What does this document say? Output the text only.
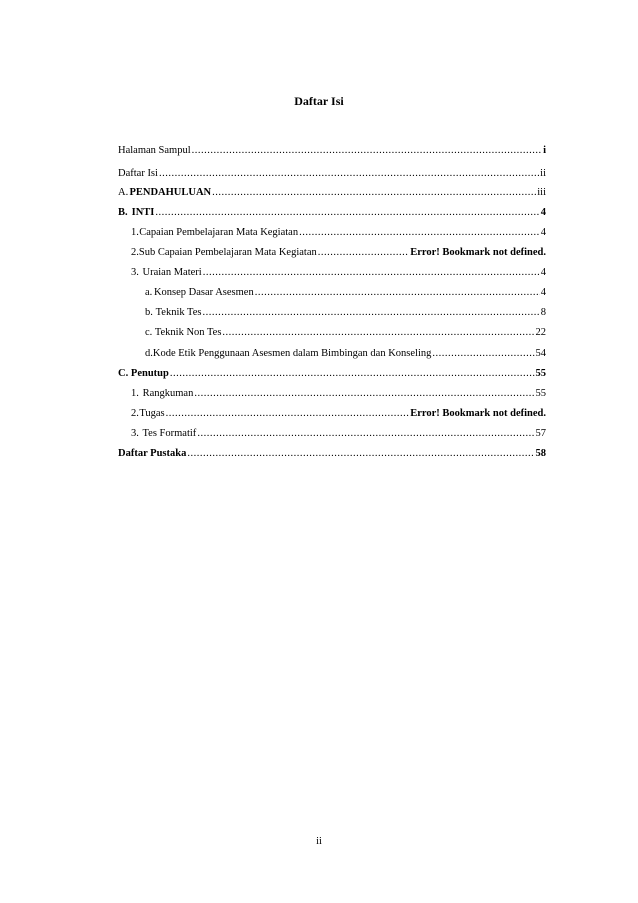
Daftar Isi
Halaman Sampul .....	i
Daftar Isi .....	ii
A. PENDAHULUAN .....	iii
B. INTI .....	4
1. Capaian Pembelajaran Mata Kegiatan .....	4
2. Sub Capaian Pembelajaran Mata Kegiatan .....	Error! Bookmark not defined.
3. Uraian Materi .....	4
a. Konsep Dasar Asesmen .....	4
b. Teknik Tes .....	8
c. Teknik Non Tes .....	22
d. Kode Etik Penggunaan Asesmen dalam Bimbingan dan Konseling .....	54
C. Penutup .....	55
1. Rangkuman .....	55
2. Tugas .....	Error! Bookmark not defined.
3. Tes Formatif .....	57
Daftar Pustaka .....	58
ii
